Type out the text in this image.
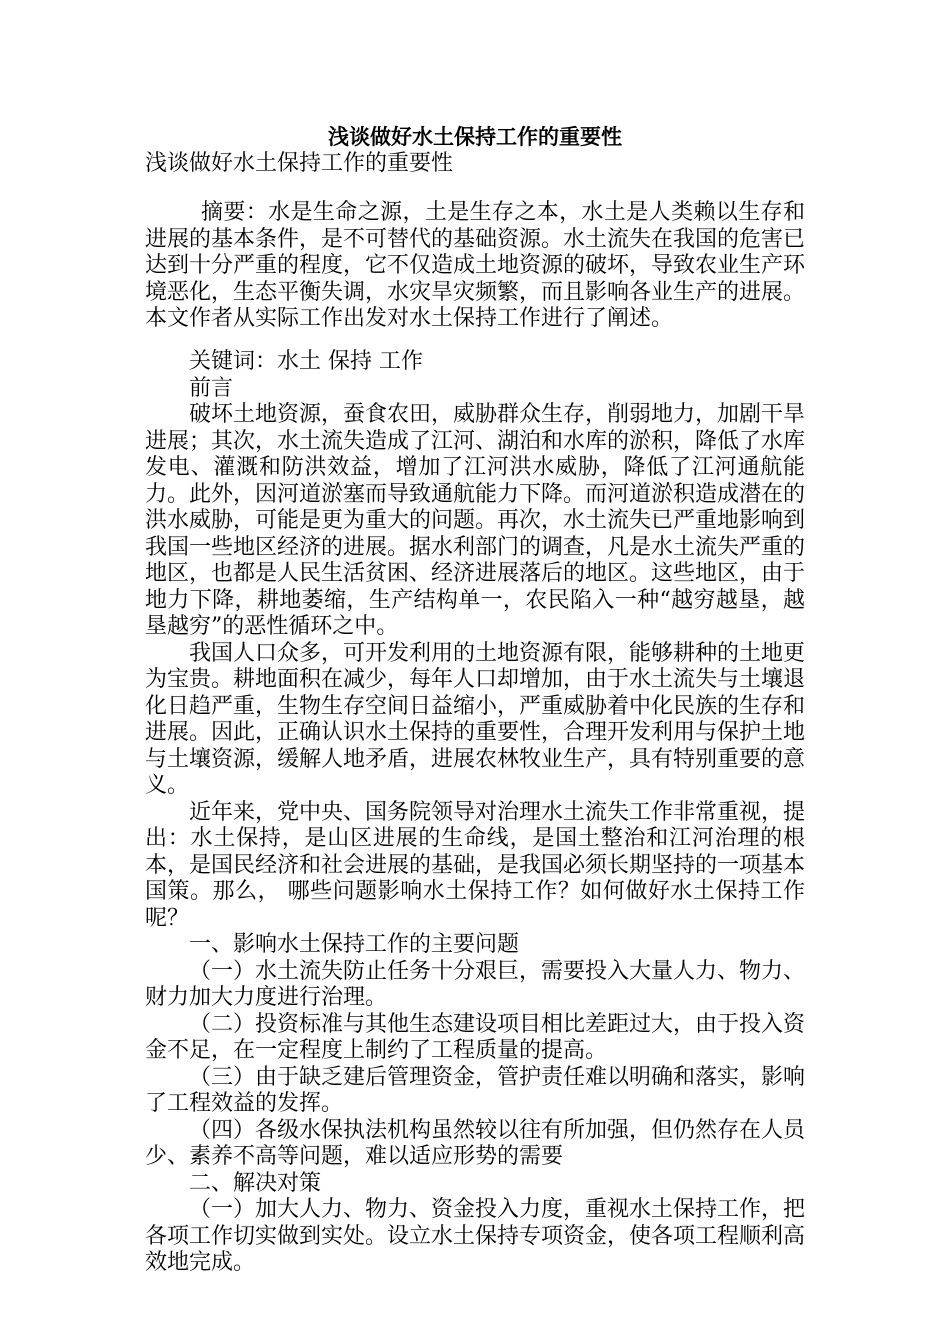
浅谈做好水土保持工作的重要性
浅谈做好水土保持工作的重要性

摘要：水是生命之源，土是生存之本，水土是人类赖以生存和进展的基本条件，是不可替代的基础资源。水土流失在我国的危害已达到十分严重的程度，它不仅造成土地资源的破坏，导致农业生产环境恶化，生态平衡失调，水灾旱灾频繁，而且影响各业生产的进展。本文作者从实际工作出发对水土保持工作进行了阐述。

关键词：水土 保持 工作

前言

破坏土地资源，蚕食农田，威胁群众生存，削弱地力，加剧干旱进展；其次，水土流失造成了江河、湖泊和水库的淤积，降低了水库发电、灌溉和防洪效益，增加了江河洪水威胁，降低了江河通航能力。此外，因河道淤塞而导致通航能力下降。而河道淤积造成潜在的洪水威胁，可能是更为重大的问题。再次，水土流失已严重地影响到我国一些地区经济的进展。据水利部门的调查，凡是水土流失严重的地区，也都是人民生活贫困、经济进展落后的地区。这些地区，由于地力下降，耕地萎缩，生产结构单一，农民陷入一种“越穷越垦，越垦越穷”的恶性循环之中。

我国人口众多，可开发利用的土地资源有限，能够耕种的土地更为宝贵。耕地面积在减少，每年人口却增加，由于水土流失与土壤退化日趋严重，生物生存空间日益缩小，严重威胁着中化民族的生存和进展。因此，正确认识水土保持的重要性，合理开发利用与保护土地与土壤资源，缓解人地矛盾，进展农林牧业生产，具有特别重要的意义。

近年来，党中央、国务院领导对治理水土流失工作非常重视，提出：水土保持，是山区进展的生命线，是国土整治和江河治理的根本，是国民经济和社会进展的基础，是我国必须长期坚持的一项基本国策。那么， 哪些问题影响水土保持工作？如何做好水土保持工作呢？

一、影响水土保持工作的主要问题

（一）水土流失防止任务十分艰巨，需要投入大量人力、物力、财力加大力度进行治理。

（二）投资标准与其他生态建设项目相比差距过大，由于投入资金不足，在一定程度上制约了工程质量的提高。

（三）由于缺乏建后管理资金，管护责任难以明确和落实，影响了工程效益的发挥。

（四）各级水保执法机构虽然较以往有所加强，但仍然存在人员少、素养不高等问题，难以适应形势的需要

二、解决对策

（一）加大人力、物力、资金投入力度，重视水土保持工作，把各项工作切实做到实处。设立水土保持专项资金，使各项工程顺利高效地完成。
